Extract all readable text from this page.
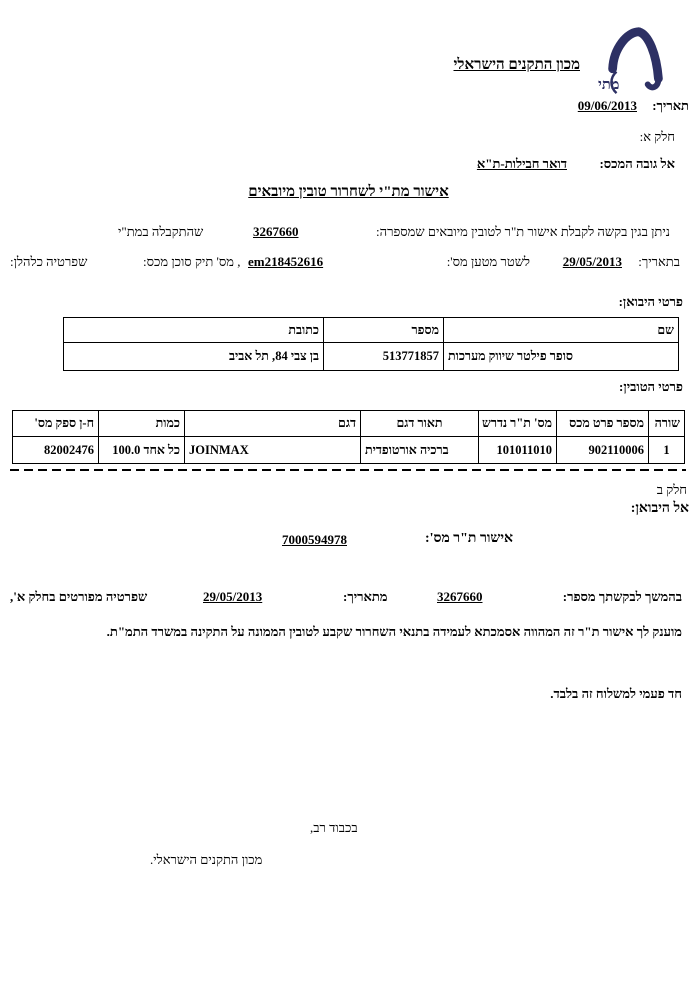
מתי
מכון התקנים הישראלי
תאריך:
09/06/2013
חלק א:
אל גובה המכס:
דואר חבילות-ת"א
אישור מת"י לשחרור טובין מיובאים
ניתן בגין בקשה לקבלת אישור ת"ר לטובין מיובאים שמספרה:
3267660
שהתקבלה במת"י
בתאריך:
29/05/2013
לשטר מטען מס':
em218452616
, מס' תיק סוכן מכס:
שפרטיה כלהלן:
פרטי היבואן:
שם	מספר	כתובת
סופר פילטר שיווק מערכות	513771857	בן צבי 84, תל אביב
פרטי הטובין:
שורה	מספר פרט מכס	מס' ת"ר נדרש	תאור דגם	דגם	כמות	ח-ן ספק מס'
1	902110006	101011010	ברכיה אורטופדית	JOINMAX	100.0 כל אחד	82002476
חלק ב
אל היבואן:
אישור ת"ר מס':
7000594978
בהמשך לבקשתך מספר:
3267660
מתאריך:
29/05/2013
שפרטיה מפורטים בחלק א',
מוענק לך אישור ת"ר זה המהווה אסמכתא לעמידה בתנאי השחרור שקבע לטובין הממונה על התקינה במשרד התמ"ת.
חד פעמי למשלוח זה בלבד.
בכבוד רב,
מכון התקנים הישראלי.
